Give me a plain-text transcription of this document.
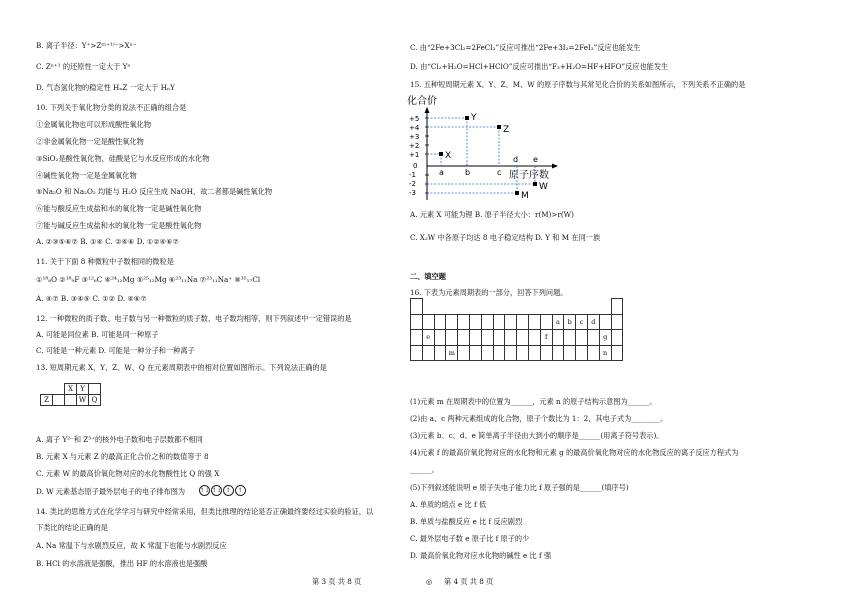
B. 离子半径：Y⁺>Z⁽ⁿ⁺¹⁾⁻>Xⁿ⁻
C. Zⁿ⁺¹ 的还原性一定大于 Yⁿ
D. 气态氢化物的稳定性 HₙZ 一定大于 HₙY
10. 下列关于氧化物分类的说法不正确的组合是
①金属氧化物也可以形成酸性氧化物
②非金属氧化物一定是酸性氧化物
③SiO₂是酸性氧化物，硅酸是它与水反应形成的水化物
④碱性氧化物一定是金属氧化物
⑤Na₂O 和 Na₂O₂ 均能与 H₂O 反应生成 NaOH，故二者都是碱性氧化物
⑥能与酸反应生成盐和水的氧化物一定是碱性氧化物
⑦能与碱反应生成盐和水的氧化物一定是酸性氧化物
A. ②③⑤⑥⑦ B. ①④ C. ②④⑥ D. ①②④⑥⑦
11. 关于下面 8 种微粒中子数相同的微粒是
①¹⁸₈O ②¹⁸₉F ③¹²₆C ④²⁴₁₂Mg ⑤²⁵₁₂Mg ⑥²³₁₁Na ⑦²³₁₁Na⁺ ⑧³⁵₁₇Cl
A. ④⑦ B. ③④⑤ C. ①② D. ④⑥⑦
12. 一种微粒的质子数、电子数与另一种微粒的质子数、电子数均相等，则下列叙述中一定错误的是
A. 可能是同位素 B. 可能是同一种原子
C. 可能是一种元素 D. 可能是一种分子和一种离子
13. 短周期元素 X、Y、Z、W、Q 在元素周期表中的相对位置如图所示。下列说法正确的是
		X	Y	
Z			W	Q
A. 离子 Y²⁻和 Z³⁺的核外电子数和电子层数都不相同
B. 元素 X 与元素 Z 的最高正化合价之和的数值等于 8
C. 元素 W 的最高价氧化物对应的水化物酸性比 Q 的强 X
D. W 元素基态原子最外层电子的电子排布图为 ↑↓ ↑↓ ↑ ↑
14. 类比的思维方式在化学学习与研究中经常采用，但类比推理的结论是否正确最终要经过实验的验证，以
下类比的结论正确的是
A. Na 常温下与水剧烈反应，故 K 常温下也能与水剧烈反应
B. HCl 的水溶液是强酸，推出 HF 的水溶液也是强酸
C. 由“2Fe+3Cl₂=2FeCl₃”反应可推出“2Fe+3I₂=2FeI₃”反应也能发生
D. 由“Cl₂+H₂O=HCl+HClO”反应可推出“F₂+H₂O=HF+HFO”反应也能发生
15. 五种短周期元素 X、Y、Z、M、W 的原子序数与其常见化合价的关系如图所示，下列关系不正确的是
化合价
原子序数
+5
+4
+3
+2
+1
0
-1
-2
-3
X
Y
Z
W
M
a	b	c
d e
A. 元素 X 可能为锂 B. 原子半径大小：r(M)>r(W)
C. X₂W 中各原子均达 8 电子稳定结构 D. Y 和 M 在同一族
二、填空题
16. 下表为元素周期表的一部分，回答下列问题。

												a	b	c	d		
	e										f					g	
			m													n	
(1)元素 m 在周期表中的位置为______，元素 n 的原子结构示意图为______。
(2)由 a、c 两种元素组成的化合物，原子个数比为 1：2，其电子式为________。
(3)元素 b、c、d、e 简单离子半径由大到小的顺序是______(用离子符号表示)。
(4)元素 f 的最高价氧化物对应的水化物和元素 g 的最高价氧化物对应的水化物反应的离子反应方程式为
______。
(5)下列叙述能说明 e 原子失电子能力比 f 原子强的是______(填序号)
A. 单质的熔点 e 比 f 低
B. 单质与盐酸反应 e 比 f 反应剧烈
C. 最外层电子数 e 原子比 f 原子的少
D. 最高价氧化物对应水化物的碱性 e 比 f 强
第 3 页 共 8 页	◎ 第 4 页 共 8 页
